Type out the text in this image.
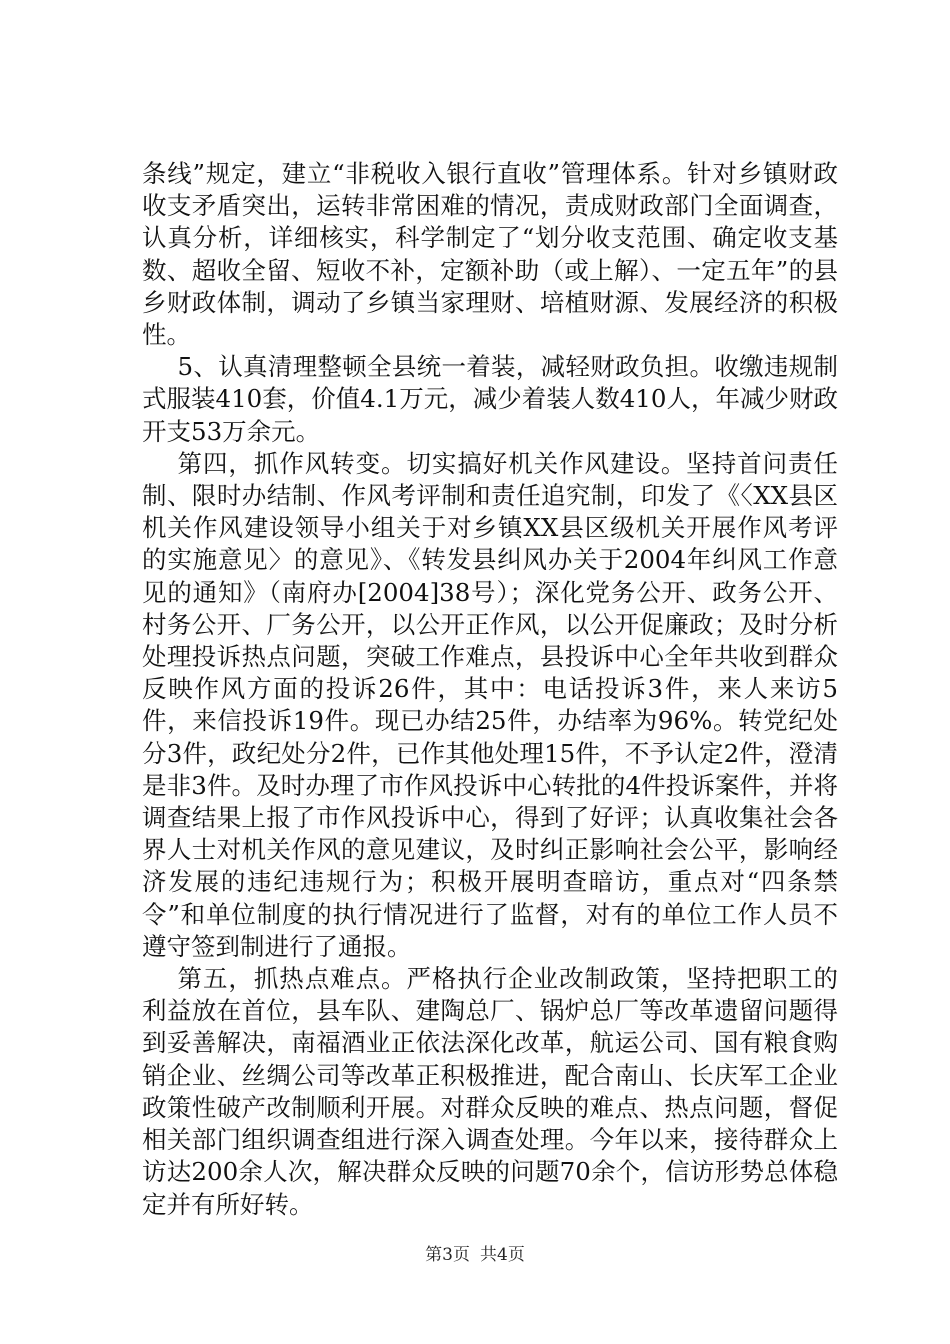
条线”规定，建立“非税收入银行直收”管理体系。针对乡镇财政收支矛盾突出，运转非常困难的情况，责成财政部门全面调查，认真分析，详细核实，科学制定了“划分收支范围、确定收支基数、超收全留、短收不补，定额补助（或上解）、一定五年”的县乡财政体制，调动了乡镇当家理财、培植财源、发展经济的积极性。

5、认真清理整顿全县统一着装，减轻财政负担。收缴违规制式服装410套，价值4.1万元，减少着装人数410人，年减少财政开支53万余元。

第四，抓作风转变。切实搞好机关作风建设。坚持首问责任制、限时办结制、作风考评制和责任追究制，印发了《〈XX县区机关作风建设领导小组关于对乡镇XX县区级机关开展作风考评的实施意见〉的意见》、《转发县纠风办关于2004年纠风工作意见的通知》（南府办[2004]38号）；深化党务公开、政务公开、村务公开、厂务公开，以公开正作风，以公开促廉政；及时分析处理投诉热点问题，突破工作难点，县投诉中心全年共收到群众反映作风方面的投诉26件，其中：电话投诉3件，来人来访5件，来信投诉19件。现已办结25件，办结率为96%。转党纪处分3件，政纪处分2件，已作其他处理15件，不予认定2件，澄清是非3件。及时办理了市作风投诉中心转批的4件投诉案件，并将调查结果上报了市作风投诉中心，得到了好评；认真收集社会各界人士对机关作风的意见建议，及时纠正影响社会公平，影响经济发展的违纪违规行为；积极开展明查暗访，重点对“四条禁令”和单位制度的执行情况进行了监督，对有的单位工作人员不遵守签到制进行了通报。

第五，抓热点难点。严格执行企业改制政策，坚持把职工的利益放在首位，县车队、建陶总厂、锅炉总厂等改革遗留问题得到妥善解决，南福酒业正依法深化改革，航运公司、国有粮食购销企业、丝绸公司等改革正积极推进，配合南山、长庆军工企业政策性破产改制顺利开展。对群众反映的难点、热点问题，督促相关部门组织调查组进行深入调查处理。今年以来，接待群众上访达200余人次，解决群众反映的问题70余个，信访形势总体稳定并有所好转。

第3页 共4页
